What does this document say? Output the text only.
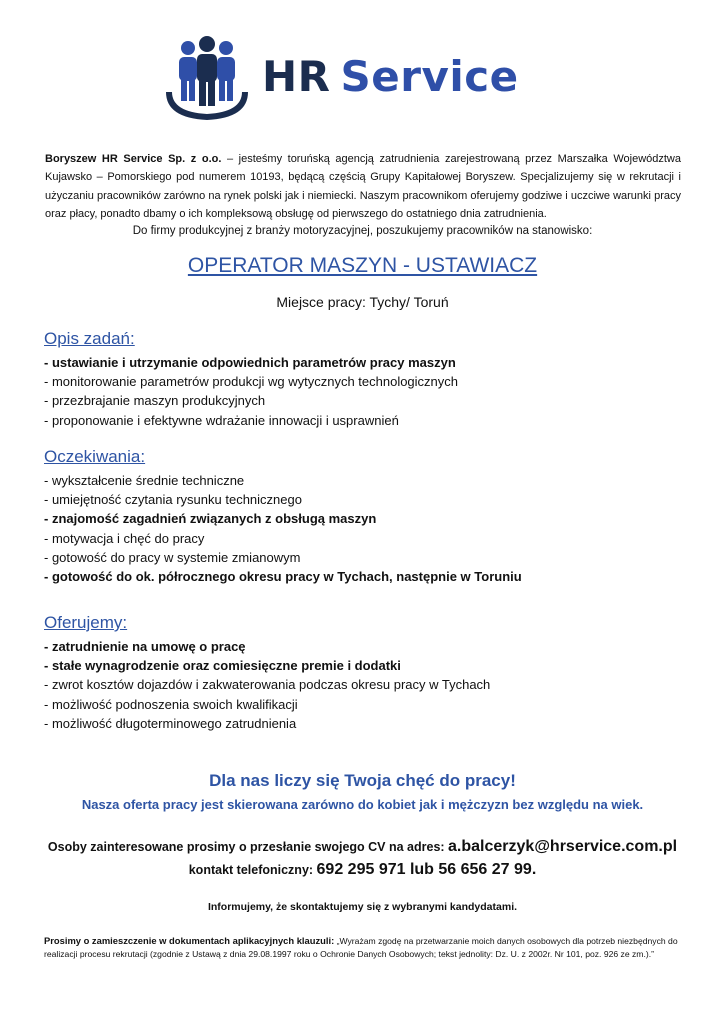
HR Service

Boryszew HR Service Sp. z o.o. – jesteśmy toruńską agencją zatrudnienia zarejestrowaną przez Marszałka Województwa Kujawsko – Pomorskiego pod numerem 10193, będącą częścią Grupy Kapitałowej Boryszew. Specjalizujemy się w rekrutacji i użyczaniu pracowników zarówno na rynek polski jak i niemiecki. Naszym pracownikom oferujemy godziwe i uczciwe warunki pracy oraz płacy, ponadto dbamy o ich kompleksową obsługę od pierwszego do ostatniego dnia zatrudnienia.

Do firmy produkcyjnej z branży motoryzacyjnej, poszukujemy pracowników na stanowisko:
OPERATOR MASZYN - USTAWIACZ
Miejsce pracy: Tychy/ Toruń
Opis zadań:
- ustawianie i utrzymanie odpowiednich parametrów pracy maszyn
- monitorowanie parametrów produkcji wg wytycznych technologicznych
- przezbrajanie maszyn produkcyjnych
- proponowanie i efektywne wdrażanie innowacji i usprawnień
Oczekiwania:
- wykształcenie średnie techniczne
- umiejętność czytania rysunku technicznego
- znajomość zagadnień związanych z obsługą maszyn
- motywacja i chęć do pracy
- gotowość do pracy w systemie zmianowym
- gotowość do ok. półrocznego okresu pracy w Tychach, następnie w Toruniu
Oferujemy:
- zatrudnienie na umowę o pracę
- stałe wynagrodzenie oraz comiesięczne premie i dodatki
- zwrot kosztów dojazdów i zakwaterowania podczas okresu pracy w Tychach
- możliwość podnoszenia swoich kwalifikacji
- możliwość długoterminowego zatrudnienia
Dla nas liczy się Twoja chęć do pracy!
Nasza oferta pracy jest skierowana zarówno do kobiet jak i mężczyzn bez względu na wiek.
Osoby zainteresowane prosimy o przesłanie swojego CV na adres: a.balcerzyk@hrservice.com.pl
kontakt telefoniczny: 692 295 971 lub 56 656 27 99.
Informujemy, że skontaktujemy się z wybranymi kandydatami.

Prosimy o zamieszczenie w dokumentach aplikacyjnych klauzuli: „Wyrażam zgodę na przetwarzanie moich danych osobowych dla potrzeb niezbędnych do realizacji procesu rekrutacji (zgodnie z Ustawą z dnia 29.08.1997 roku o Ochronie Danych Osobowych; tekst jednolity: Dz. U. z 2002r. Nr 101, poz. 926 ze zm.).”
